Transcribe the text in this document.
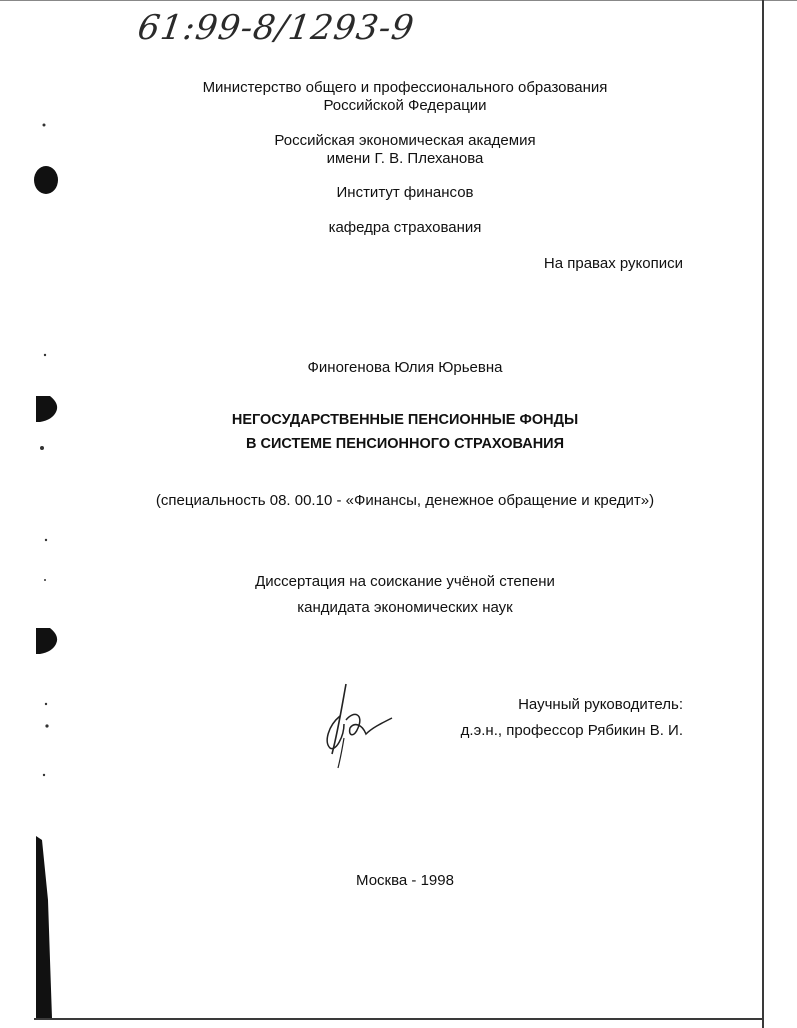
61:99-8/1293-9
Министерство общего и профессионального образования
Российской Федерации
Российская экономическая академия
имени Г. В. Плеханова
Институт финансов
кафедра страхования
На правах рукописи
Финогенова Юлия Юрьевна
НЕГОСУДАРСТВЕННЫЕ ПЕНСИОННЫЕ ФОНДЫ
В СИСТЕМЕ ПЕНСИОННОГО СТРАХОВАНИЯ
(специальность 08. 00.10 - «Финансы, денежное обращение и кредит»)
Диссертация на соискание учёной степени
кандидата экономических наук
Научный руководитель:
д.э.н., профессор Рябикин В. И.
Москва - 1998
